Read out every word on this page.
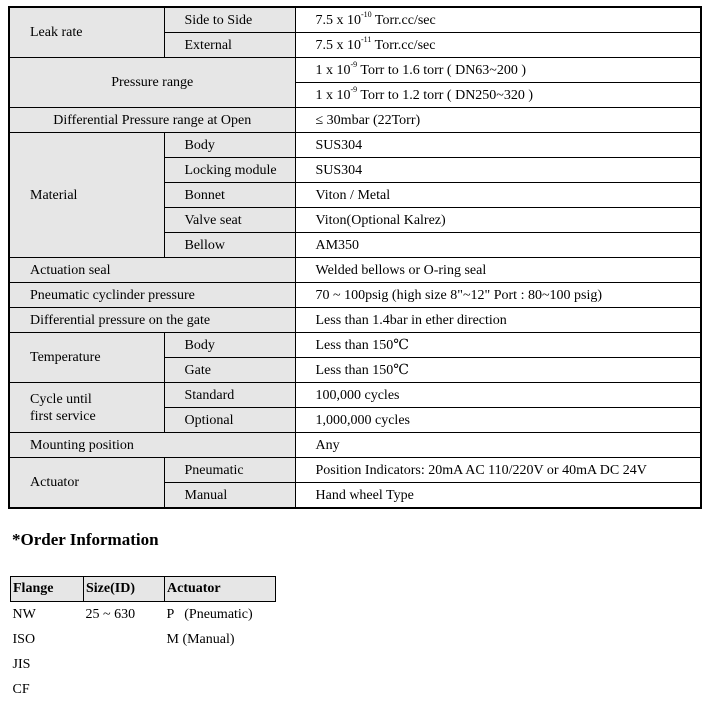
Leak rate	Side to Side	7.5 x $10^{-10}$ Torr.cc/sec
	External	7.5 x $10^{-11}$ Torr.cc/sec
Pressure range		1 x $10^{-9}$ Torr to 1.6 torr ( DN63~200 )
		1 x $10^{-9}$ Torr to 1.2 torr ( DN250~320 )
Differential Pressure range at Open		≤ 30mbar (22Torr)
Material	Body	SUS304
	Locking module	SUS304
	Bonnet	Viton / Metal
	Valve seat	Viton(Optional Kalrez)
	Bellow	AM350
Actuation seal		Welded bellows or O-ring seal
Pneumatic cyclinder pressure		70 ~ 100psig (high size 8"~12" Port : 80~100 psig)
Differential pressure on the gate		Less than 1.4bar in ether direction
Temperature	Body	Less than 150℃
	Gate	Less than 150℃
Cycle until
first service	Standard	100,000 cycles
	Optional	1,000,000 cycles
Mounting position		Any
Actuator	Pneumatic	Position Indicators: 20mA AC 110/220V or 40mA DC 24V
	Manual	Hand wheel Type
*Order Information
Flange	Size(ID)	Actuator
NW	25 ~ 630	P   (Pneumatic)
ISO		M (Manual)
JIS		
CF		
